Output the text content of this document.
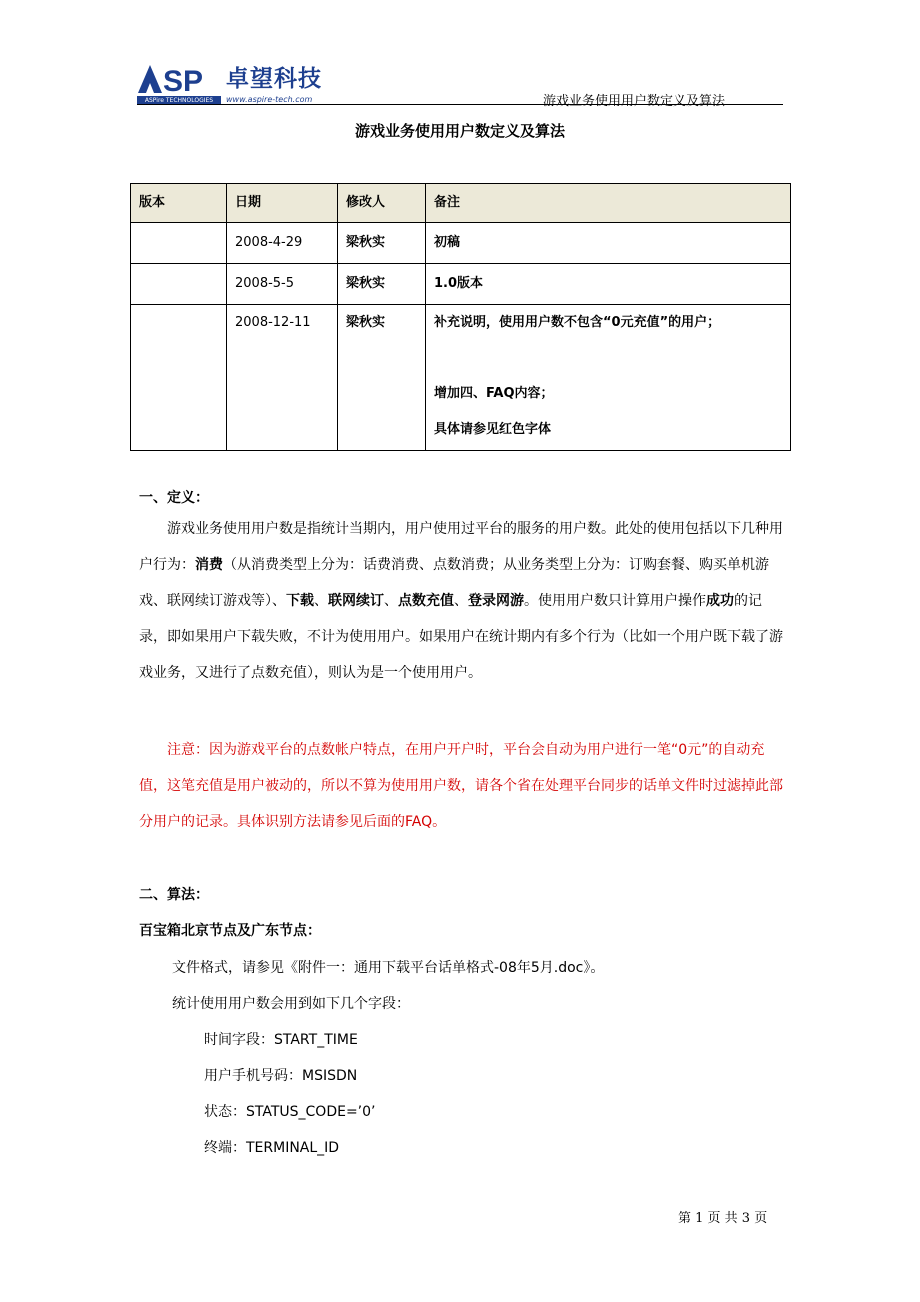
SP 卓望科技
ASPire TECHNOLOGIES	www.aspire-tech.com	游戏业务使用用户数定义及算法
游戏业务使用用户数定义及算法
版本	日期	修改人	备注
	2008-4-29	梁秋实	初稿
	2008-5-5	梁秋实	1.0版本

	2008-12-11	梁秋实	补充说明，使用用户数不包含“0元充值”的用户；
增加四、FAQ内容；
具体请参见红色字体
一、定义：

游戏业务使用用户数是指统计当期内，用户使用过平台的服务的用户数。此处的使用包括以下几种用户行为：消费（从消费类型上分为：话费消费、点数消费；从业务类型上分为：订购套餐、购买单机游戏、联网续订游戏等）、下载、联网续订、点数充值、登录网游。使用用户数只计算用户操作成功的记录，即如果用户下载失败，不计为使用用户。如果用户在统计期内有多个行为（比如一个用户既下载了游戏业务，又进行了点数充值），则认为是一个使用用户。

注意：因为游戏平台的点数帐户特点，在用户开户时，平台会自动为用户进行一笔“0元”的自动充值，这笔充值是用户被动的，所以不算为使用用户数，请各个省在处理平台同步的话单文件时过滤掉此部分用户的记录。具体识别方法请参见后面的FAQ。

二、算法：
百宝箱北京节点及广东节点：
文件格式，请参见《附件一：通用下载平台话单格式-08年5月.doc》。
统计使用用户数会用到如下几个字段：
时间字段：START_TIME
用户手机号码：MSISDN
状态：STATUS_CODE=’0’
终端：TERMINAL_ID
第 1 页 共 3 页
